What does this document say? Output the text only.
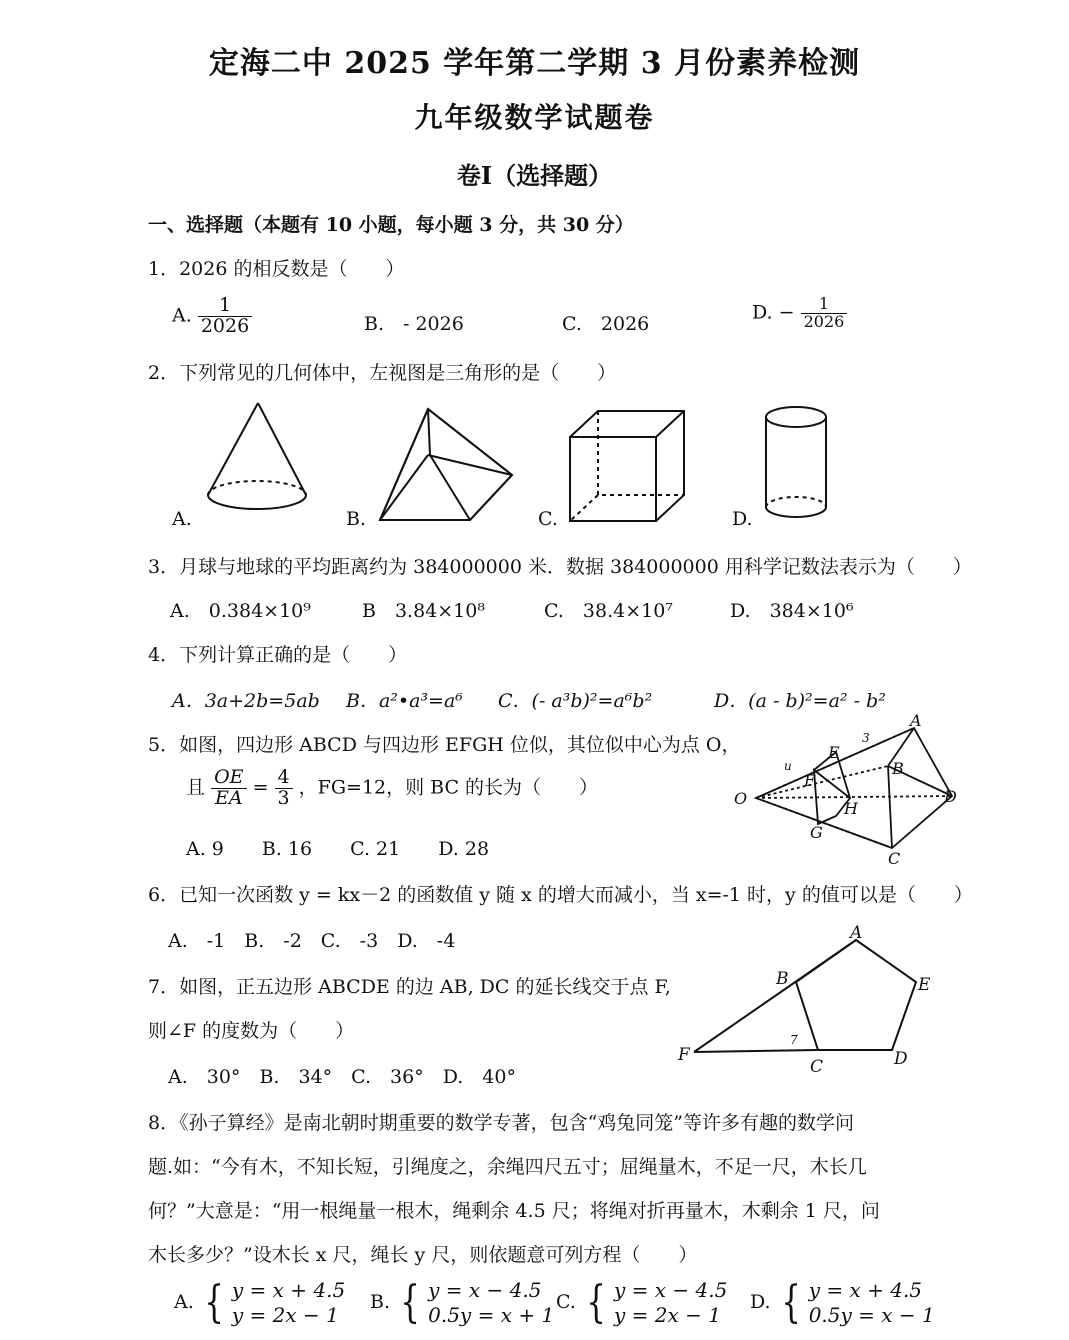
定海二中 2025 学年第二学期 3 月份素养检测
九年级数学试题卷
卷Ⅰ（选择题）
一、选择题（本题有 10 小题，每小题 3 分，共 30 分）
1．2026 的相反数是（　　）
A. $\frac{1}{2026}$	B.　- 2026	C.　2026
D. − $\frac{1}{2026}$
2．下列常见的几何体中，左视图是三角形的是（　　）
A.	B.	C.	D.
3．月球与地球的平均距离约为 384000000 米．数据 384000000 用科学记数法表示为（　　）
A.　0.384×10⁹	B　3.84×10⁸	C.　38.4×10⁷	D.　384×10⁶
4．下列计算正确的是（　　）
A．3a+2b=5ab B．a²•a³=a⁶ C．(- a³b)²=a⁶b²	D．(a - b)²=a² - b²
5．如图，四边形 ABCD 与四边形 EFGH 位似，其位似中心为点 O，
且 $\frac{OE}{EA} = \frac{4}{3}$ ，FG=12，则 BC 的长为（　　）
A. 9　　B. 16　　C. 21　　D. 28
A
B
C
D
E
F
G
H
O
u
3
6．已知一次函数 y = kx－2 的函数值 y 随 x 的增大而减小，当 x=-1 时，y 的值可以是（　　）
A.　-1　B.　-2　C.　-3　D.　-4
7．如图，正五边形 ABCDE 的边 AB, DC 的延长线交于点 F,
则∠F 的度数为（　　）
A.　30°　B.　34°　C.　36°　D.　40°
A
B
C	D
E
F
7
8．《孙子算经》是南北朝时期重要的数学专著，包含“鸡兔同笼”等许多有趣的数学问
题.如：“今有木，不知长短，引绳度之，余绳四尺五寸；屈绳量木，不足一尺，木长几
何？”大意是：“用一根绳量一根木，绳剩余 4.5 尺；将绳对折再量木，木剩余 1 尺，问
木长多少？”设木长 x 尺，绳长 y 尺，则依题意可列方程（　　）
A. { y = x + 4.5
y = 2x − 1
B. { y = x − 4.5
0.5y = x + 1
C. { y = x − 4.5
y = 2x − 1
D. { y = x + 4.5
0.5y = x − 1
